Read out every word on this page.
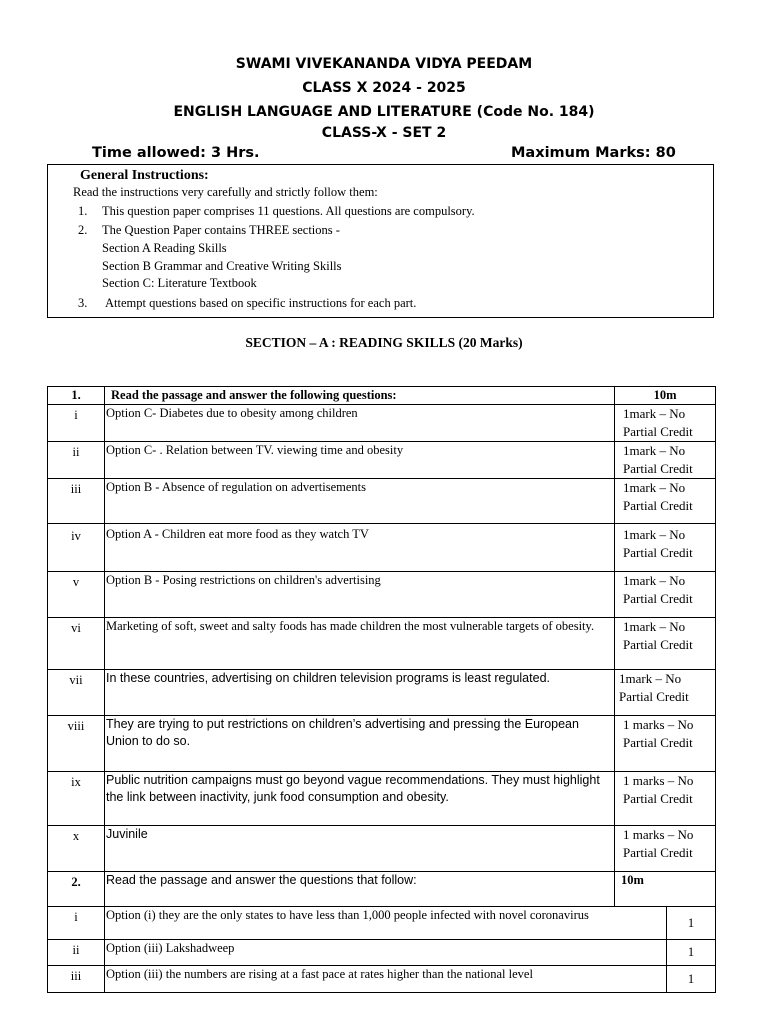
SWAMI VIVEKANANDA VIDYA PEEDAM
CLASS X 2024 - 2025
ENGLISH LANGUAGE AND LITERATURE (Code No. 184)
CLASS-X - SET 2
Time allowed: 3 Hrs.	Maximum Marks: 80
General Instructions:
Read the instructions very carefully and strictly follow them:
1. This question paper comprises 11 questions. All questions are compulsory.
2. The Question Paper contains THREE sections -
Section A Reading Skills
Section B Grammar and Creative Writing Skills
Section C: Literature Textbook
3. Attempt questions based on specific instructions for each part.
SECTION – A : READING SKILLS (20 Marks)
1.	Read the passage and answer the following questions:	10m	
i	Option C- Diabetes due to obesity among children	1mark – No
Partial Credit	

ii	Option C- . Relation between TV. viewing time and obesity	1mark – No
Partial Credit	

iii	Option B - Absence of regulation on advertisements	1mark – No
Partial Credit	

iv	Option A - Children eat more food as they watch TV	1mark – No
Partial Credit	

v	Option B - Posing restrictions on children's advertising	1mark – No
Partial Credit	

vi	Marketing of soft, sweet and salty foods has made children the most vulnerable targets of obesity.	1mark – No
Partial Credit	

vii	In these countries, advertising on children television programs is least regulated.	1mark – No
Partial Credit	

viii	They are trying to put restrictions on children’s advertising and pressing the European Union to do so.	1 marks – No
Partial Credit	

ix	Public nutrition campaigns must go beyond vague recommendations. They must highlight the link between inactivity, junk food consumption and obesity.	1 marks – No
Partial Credit	

x	Juvinile	1 marks – No
Partial Credit	

2.	Read the passage and answer the questions that follow:	10m	
i	Option (i) they are the only states to have less than 1,000 people infected with novel coronavirus		1
ii	Option (iii) Lakshadweep		1
iii	Option (iii) the numbers are rising at a fast pace at rates higher than the national level		1
